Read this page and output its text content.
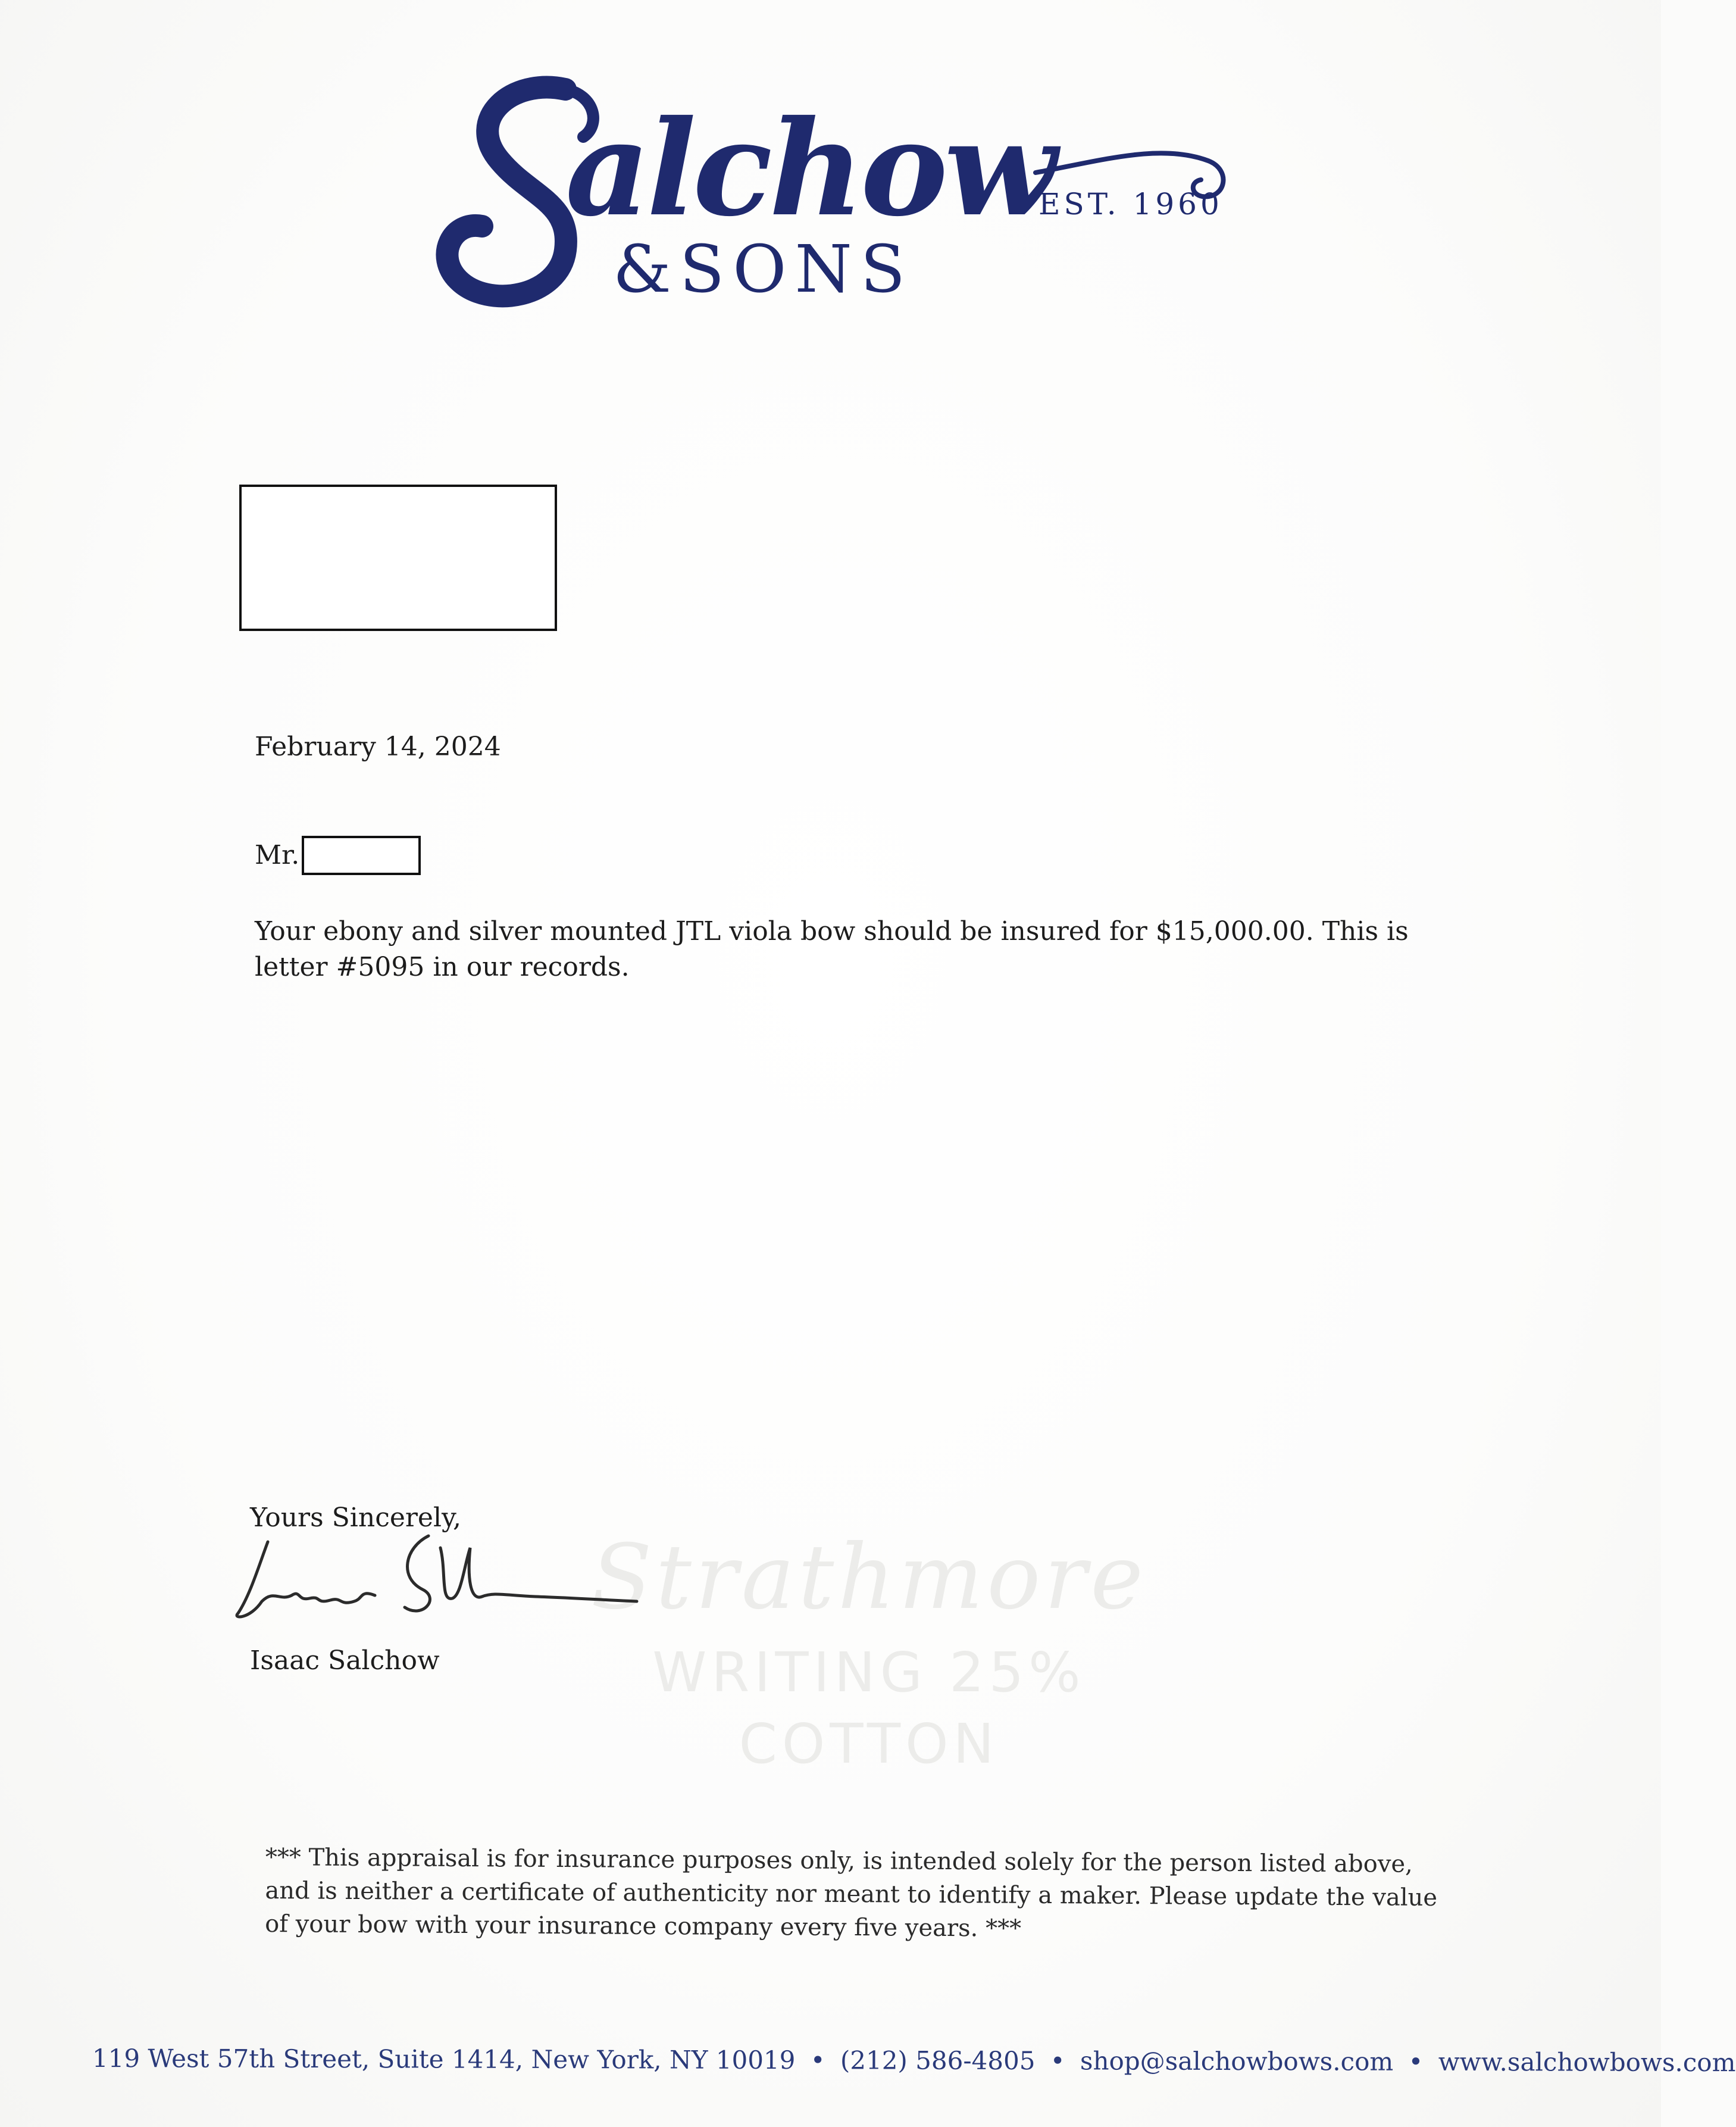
alchow
&SONS
EST. 1960
February 14, 2024
Mr.
Your ebony and silver mounted JTL viola bow should be insured for $15,000.00. This is letter #5095 in our records.
Strathmore
WRITING 25% COTTON
Yours Sincerely,
Isaac Salchow
*** This appraisal is for insurance purposes only, is intended solely for the person listed above, and is neither a certificate of authenticity nor meant to identify a maker. Please update the value of your bow with your insurance company every five years. ***
119 West 57th Street, Suite 1414, New York, NY 10019 • (212) 586-4805 • shop@salchowbows.com • www.salchowbows.com
